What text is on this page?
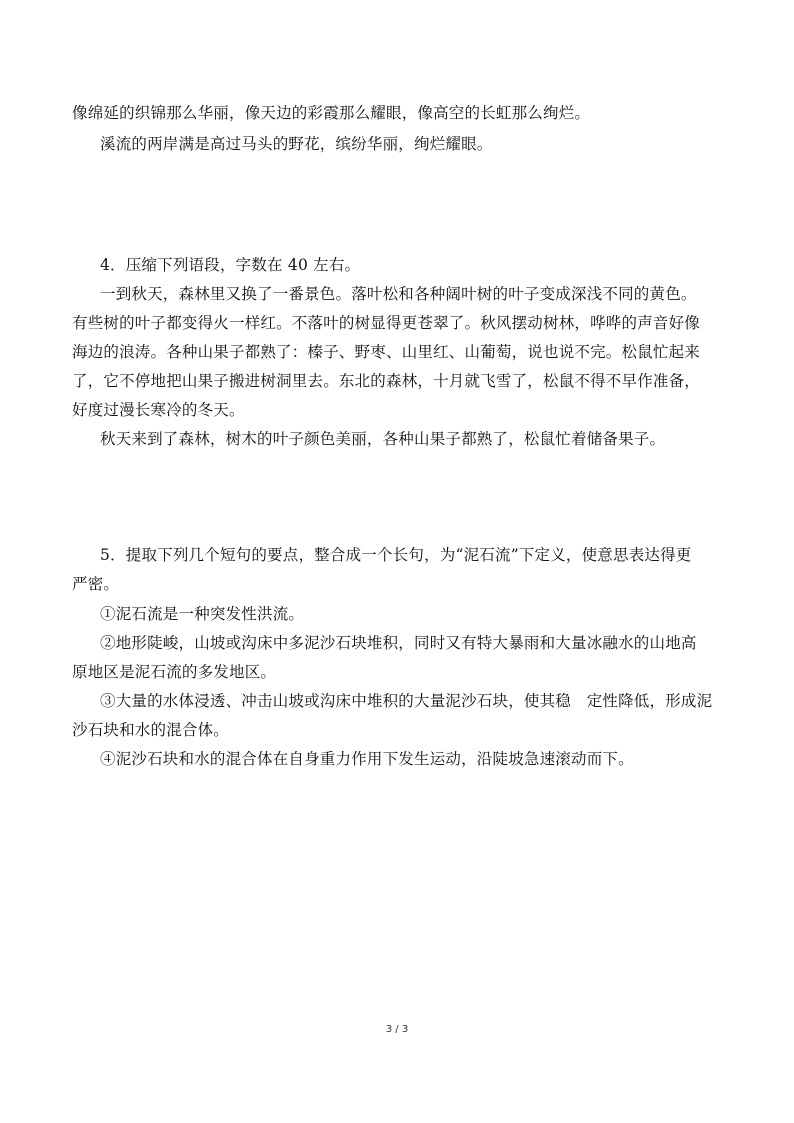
像绵延的织锦那么华丽，像天边的彩霞那么耀眼，像高空的长虹那么绚烂。
溪流的两岸满是高过马头的野花，缤纷华丽，绚烂耀眼。
4．压缩下列语段，字数在 40 左右。
一到秋天，森林里又换了一番景色。落叶松和各种阔叶树的叶子变成深浅不同的黄色。
有些树的叶子都变得火一样红。不落叶的树显得更苍翠了。秋风摆动树林，哗哗的声音好像
海边的浪涛。各种山果子都熟了：榛子、野枣、山里红、山葡萄，说也说不完。松鼠忙起来
了，它不停地把山果子搬进树洞里去。东北的森林，十月就飞雪了，松鼠不得不早作准备，
好度过漫长寒冷的冬天。
秋天来到了森林，树木的叶子颜色美丽，各种山果子都熟了，松鼠忙着储备果子。
5．提取下列几个短句的要点，整合成一个长句，为“泥石流”下定义，使意思表达得更
严密。
①泥石流是一种突发性洪流。
②地形陡峻，山坡或沟床中多泥沙石块堆积，同时又有特大暴雨和大量冰融水的山地高
原地区是泥石流的多发地区。
③大量的水体浸透、冲击山坡或沟床中堆积的大量泥沙石块，使其稳　定性降低，形成泥
沙石块和水的混合体。
④泥沙石块和水的混合体在自身重力作用下发生运动，沿陡坡急速滚动而下。
3 / 3
